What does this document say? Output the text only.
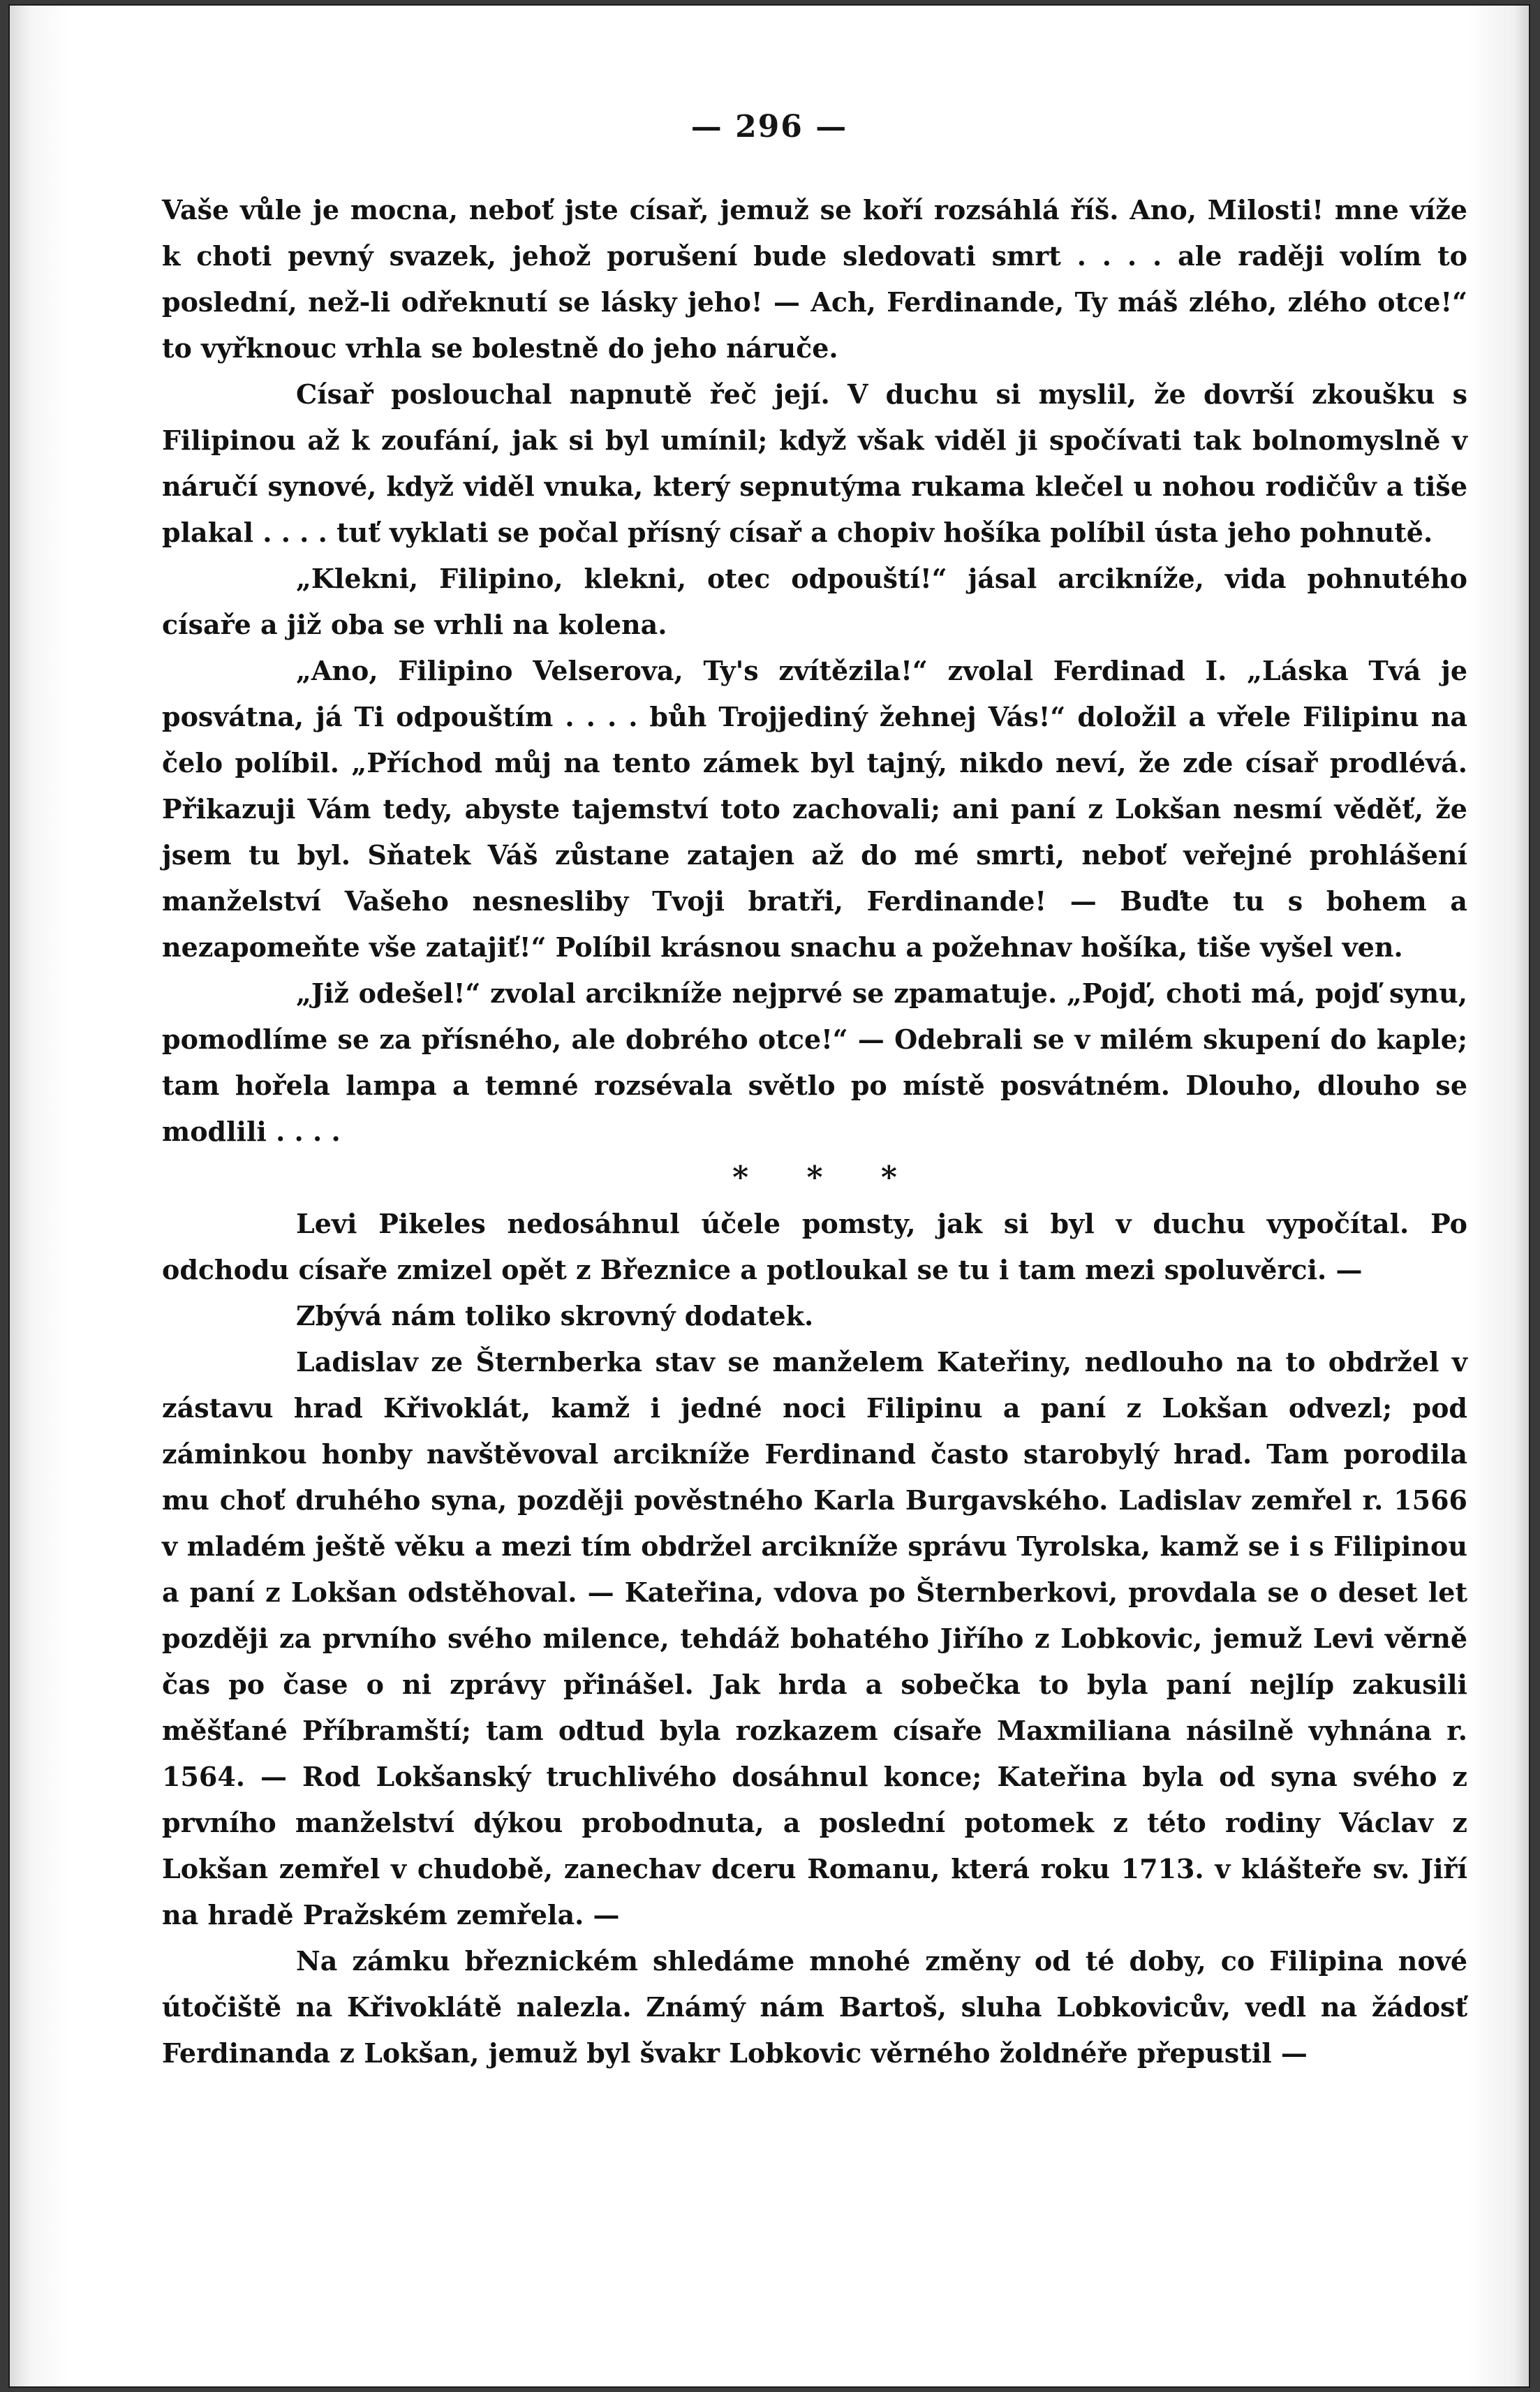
— 296 —

Vaše vůle je mocna, neboť jste císař, jemuž se koří rozsáhlá říš. Ano, Milosti! mne víže k choti pevný svazek, jehož porušení bude sledovati smrt . . . . ale raději volím to poslední, než-li odřeknutí se lásky jeho! — Ach, Ferdinande, Ty máš zlého, zlého otce!“ to vyřknouc vrhla se bolestně do jeho náruče.

Císař poslouchal napnutě řeč její. V duchu si myslil, že dovrší zkoušku s Filipinou až k zoufání, jak si byl umínil; když však viděl ji spočívati tak bolnomyslně v náručí synové, když viděl vnuka, který sepnutýma rukama klečel u nohou rodičův a tiše plakal . . . . tuť vyklati se počal přísný císař a chopiv hošíka políbil ústa jeho pohnutě.

„Klekni, Filipino, klekni, otec odpouští!“ jásal arcikníže, vida pohnutého císaře a již oba se vrhli na kolena.

„Ano, Filipino Velserova, Ty's zvítězila!“ zvolal Ferdinad I. „Láska Tvá je posvátna, já Ti odpouštím . . . . bůh Trojjediný žehnej Vás!“ doložil a vřele Filipinu na čelo políbil. „Příchod můj na tento zámek byl tajný, nikdo neví, že zde císař prodlévá. Přikazuji Vám tedy, abyste tajemství toto zachovali; ani paní z Lokšan nesmí věděť, že jsem tu byl. Sňatek Váš zůstane zatajen až do mé smrti, neboť veřejné prohlášení manželství Vašeho nesnesliby Tvoji bratři, Ferdinande! — Buďte tu s bohem a nezapomeňte vše zatajiť!“ Políbil krásnou snachu a požehnav hošíka, tiše vyšel ven.

„Již odešel!“ zvolal arcikníže nejprvé se zpamatuje. „Pojď, choti má, pojď synu, pomodlíme se za přísného, ale dobrého otce!“ — Odebrali se v milém skupení do kaple; tam hořela lampa a temné rozsévala světlo po místě posvátném. Dlouho, dlouho se modlili . . . .

* * *

Levi Pikeles nedosáhnul účele pomsty, jak si byl v duchu vypočítal. Po odchodu císaře zmizel opět z Březnice a potloukal se tu i tam mezi spoluvěrci. —

Zbývá nám toliko skrovný dodatek.

Ladislav ze Šternberka stav se manželem Kateřiny, nedlouho na to obdržel v zástavu hrad Křivoklát, kamž i jedné noci Filipinu a paní z Lokšan odvezl; pod záminkou honby navštěvoval arcikníže Ferdinand často starobylý hrad. Tam porodila mu choť druhého syna, později pověstného Karla Burgavského. Ladislav zemřel r. 1566 v mladém ještě věku a mezi tím obdržel arcikníže správu Tyrolska, kamž se i s Filipinou a paní z Lokšan odstěhoval. — Kateřina, vdova po Šternberkovi, provdala se o deset let později za prvního svého milence, tehdáž bohatého Jiřího z Lobkovic, jemuž Levi věrně čas po čase o ni zprávy přinášel. Jak hrda a sobečka to byla paní nejlíp zakusili měšťané Příbramští; tam odtud byla rozkazem císaře Maxmiliana násilně vyhnána r. 1564. — Rod Lokšanský truchlivého dosáhnul konce; Kateřina byla od syna svého z prvního manželství dýkou probodnuta, a poslední potomek z této rodiny Václav z Lokšan zemřel v chudobě, zanechav dceru Romanu, která roku 1713. v klášteře sv. Jiří na hradě Pražském zemřela. —

Na zámku březnickém shledáme mnohé změny od té doby, co Filipina nové útočiště na Křivoklátě nalezla. Známý nám Bartoš, sluha Lobkovicův, vedl na žádosť Ferdinanda z Lokšan, jemuž byl švakr Lobkovic věrného žoldnéře přepustil —
